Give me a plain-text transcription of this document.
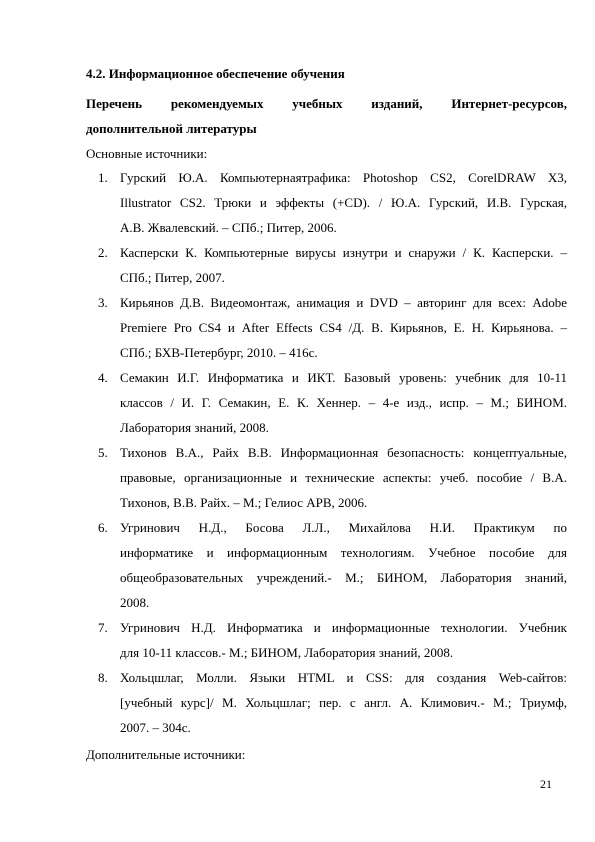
4.2. Информационное обеспечение обучения
Перечень рекомендуемых учебных изданий, Интернет-ресурсов,
дополнительной литературы
Основные источники:
1. Гурский Ю.А. Компьютернаятрафика: Photoshop CS2, CorelDRAW X3,
Illustrator CS2. Трюки и эффекты (+CD). / Ю.А. Гурский, И.В. Гурская,
А.В. Жвалевский. – СПб.; Питер, 2006.
2. Касперски К. Компьютерные вирусы изнутри и снаружи / К. Касперски. –
СПб.; Питер, 2007.
3. Кирьянов Д.В. Видеомонтаж, анимация и DVD – авторинг для всех: Adobe
Premiere Pro CS4 и After Effects CS4 /Д. В. Кирьянов, Е. Н. Кирьянова. –
СПб.; БХВ-Петербург, 2010. – 416с.
4. Семакин И.Г. Информатика и ИКТ. Базовый уровень: учебник для 10-11
классов / И. Г. Семакин, Е. К. Хеннер. – 4-е изд., испр. – М.; БИНОМ.
Лаборатория знаний, 2008.
5. Тихонов В.А., Райх В.В. Информационная безопасность: концептуальные,
правовые, организационные и технические аспекты: учеб. пособие / В.А.
Тихонов, В.В. Райх. – М.; Гелиос АРВ, 2006.
6. Угринович Н.Д., Босова Л.Л., Михайлова Н.И. Практикум по
информатике и информационным технологиям. Учебное пособие для
общеобразовательных учреждений.- М.; БИНОМ, Лаборатория знаний,
2008.
7. Угринович Н.Д. Информатика и информационные технологии. Учебник
для 10-11 классов.- М.; БИНОМ, Лаборатория знаний, 2008.
8. Хольцшлаг, Молли. Языки HTML и CSS: для создания Web-сайтов:
[учебный курс]/ М. Хольцшлаг; пер. с англ. А. Климович.- М.; Триумф,
2007. – 304с.
Дополнительные источники:
21
